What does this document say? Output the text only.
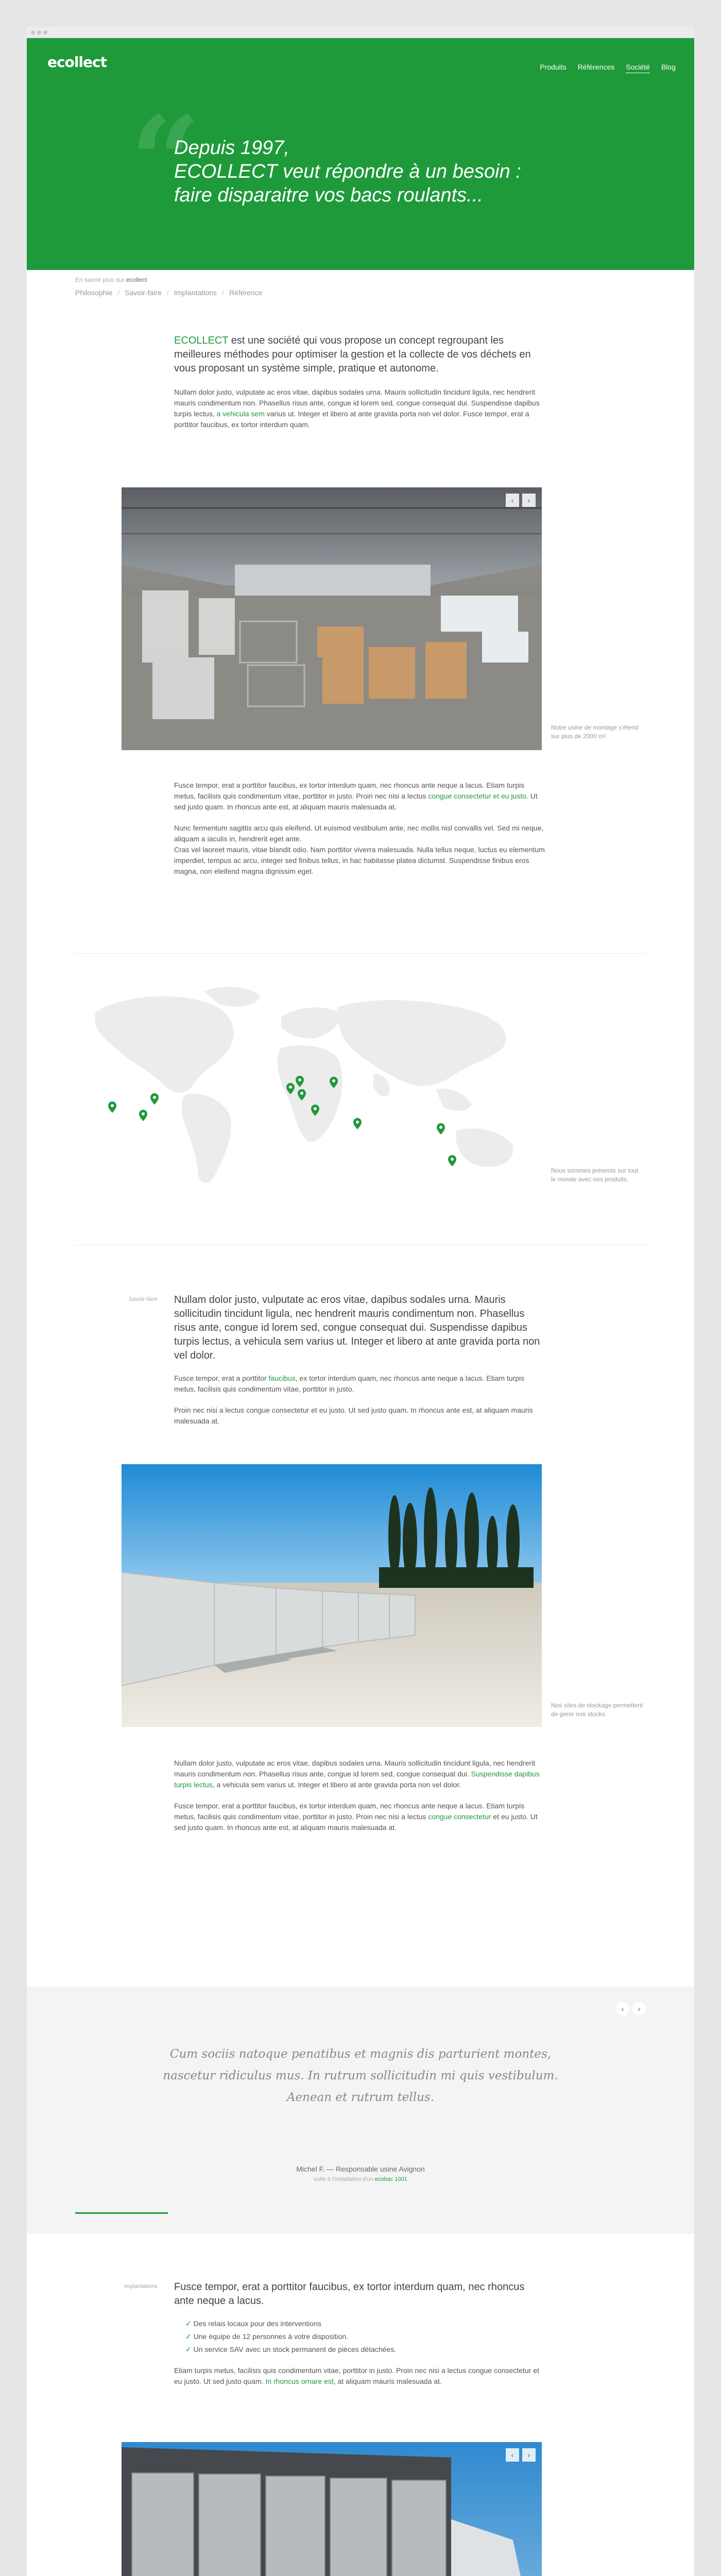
ecollect	Produits Références Société Blog
“
Depuis 1997,
ECOLLECT veut répondre à un besoin :
faire disparaitre vos bacs roulants...
En savoir plus sur ecollect
Philosophie / Savoir-faire / Implantations / Référence

ECOLLECT est une société qui vous propose un concept regroupant les meilleures méthodes pour optimiser la gestion et la collecte de vos déchets en vous proposant un système simple, pratique et autonome.

Nullam dolor justo, vulputate ac eros vitae, dapibus sodales urna. Mauris sollicitudin tincidunt ligula, nec hendrerit mauris condimentum non. Phasellus risus ante, congue id lorem sed, congue consequat dui. Suspendisse dapibus turpis lectus, a vehicula sem varius ut. Integer et libero at ante gravida porta non vel dolor. Fusce tempor, erat a porttitor faucibus, ex tortor interdum quam.

‹	›
Notre usine de montage s'étend sur plus de 2000 m².

Fusce tempor, erat a porttitor faucibus, ex tortor interdum quam, nec rhoncus ante neque a lacus. Etiam turpis metus, facilisis quis condimentum vitae, porttitor in justo. Proin nec nisi a lectus congue consectetur et eu justo. Ut sed justo quam. In rhoncus ante est, at aliquam mauris malesuada at.

Nunc fermentum sagittis arcu quis eleifend. Ut euismod vestibulum ante, nec mollis nisl convallis vel. Sed mi neque, aliquam a iaculis in, hendrerit eget ante.
Cras vel laoreet mauris, vitae blandit odio. Nam porttitor viverra malesuada. Nulla tellus neque, luctus eu elementum imperdiet, tempus ac arcu, integer sed finibus tellus, in hac habitasse platea dictumst. Suspendisse finibus eros magna, non eleifend magna dignissim eget.

Nous sommes présents sur tout le monde avec nos produits.
Savoir-faire Nullam dolor justo, vulputate ac eros vitae, dapibus sodales urna. Mauris sollicitudin tincidunt ligula, nec hendrerit mauris condimentum non. Phasellus risus ante, congue id lorem sed, congue consequat dui. Suspendisse dapibus turpis lectus, a vehicula sem varius ut. Integer et libero at ante gravida porta non vel dolor.

Fusce tempor, erat a porttitor faucibus, ex tortor interdum quam, nec rhoncus ante neque a lacus. Etiam turpis metus, facilisis quis condimentum vitae, porttitor in justo.

Proin nec nisi a lectus congue consectetur et eu justo. Ut sed justo quam. In rhoncus ante est, at aliquam mauris malesuada at.

Nos sites de stockage permettent de gérer nos stocks.

Nullam dolor justo, vulputate ac eros vitae, dapibus sodales urna. Mauris sollicitudin tincidunt ligula, nec hendrerit mauris condimentum non. Phasellus risus ante, congue id lorem sed, congue consequat dui. Suspendisse dapibus turpis lectus, a vehicula sem varius ut. Integer et libero at ante gravida porta non vel dolor.

Fusce tempor, erat a porttitor faucibus, ex tortor interdum quam, nec rhoncus ante neque a lacus. Etiam turpis metus, facilisis quis condimentum vitae, porttitor in justo. Proin nec nisi a lectus congue consectetur et eu justo. Ut sed justo quam. In rhoncus ante est, at aliquam mauris malesuada at.

‹	›
Cum sociis natoque penatibus et magnis dis parturient montes, nascetur ridiculus mus. In rutrum sollicitudin mi quis vestibulum. Aenean et rutrum tellus.
Michel F. — Responsable usine Avignon
suite à l'installation d'un ecobac 1001
Implantations Fusce tempor, erat a porttitor faucibus, ex tortor interdum quam, nec rhoncus ante neque a lacus.

✓ Des relais locaux pour des interventions
✓ Une équipe de 12 personnes à votre disposition.
✓ Un service SAV avec un stock permanent de pièces détachées.

Etiam turpis metus, facilisis quis condimentum vitae, porttitor in justo. Proin nec nisi a lectus congue consectetur et eu justo. Ut sed justo quam. In rhoncus ornare est, at aliquam mauris malesuada at.

‹	›
